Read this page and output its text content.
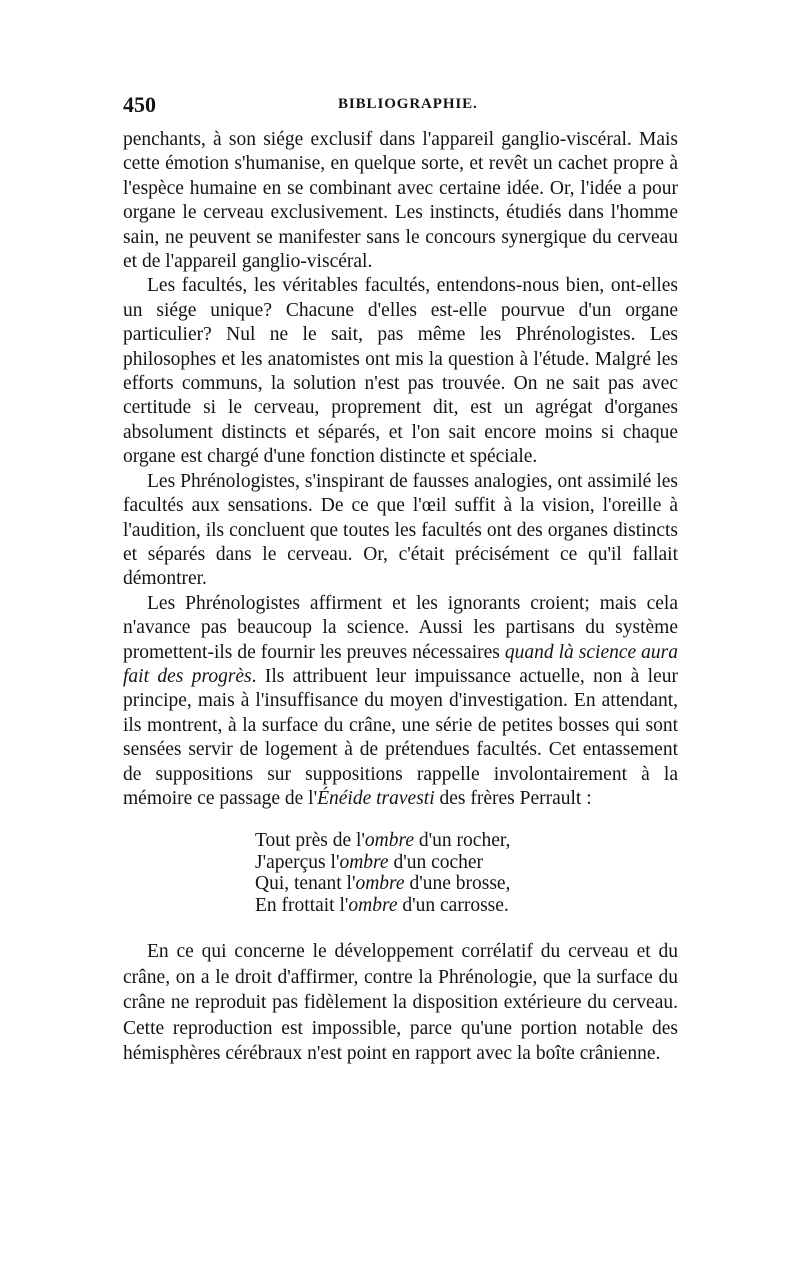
450	BIBLIOGRAPHIE.

penchants, à son siége exclusif dans l'appareil ganglio-viscéral. Mais cette émotion s'humanise, en quelque sorte, et revêt un cachet propre à l'espèce humaine en se combinant avec certaine idée. Or, l'idée a pour organe le cerveau exclusivement. Les instincts, étudiés dans l'homme sain, ne peuvent se manifester sans le concours synergique du cerveau et de l'appareil ganglio-viscéral.

Les facultés, les véritables facultés, entendons-nous bien, ont-elles un siége unique? Chacune d'elles est-elle pourvue d'un organe particulier? Nul ne le sait, pas même les Phrénologistes. Les philosophes et les anatomistes ont mis la question à l'étude. Malgré les efforts communs, la solution n'est pas trouvée. On ne sait pas avec certitude si le cerveau, proprement dit, est un agrégat d'organes absolument distincts et séparés, et l'on sait encore moins si chaque organe est chargé d'une fonction distincte et spéciale.

Les Phrénologistes, s'inspirant de fausses analogies, ont assimilé les facultés aux sensations. De ce que l'œil suffit à la vision, l'oreille à l'audition, ils concluent que toutes les facultés ont des organes distincts et séparés dans le cerveau. Or, c'était précisément ce qu'il fallait démontrer.

Les Phrénologistes affirment et les ignorants croient; mais cela n'avance pas beaucoup la science. Aussi les partisans du système promettent-ils de fournir les preuves nécessaires quand là science aura fait des progrès. Ils attribuent leur impuissance actuelle, non à leur principe, mais à l'insuffisance du moyen d'investigation. En attendant, ils montrent, à la surface du crâne, une série de petites bosses qui sont sensées servir de logement à de prétendues facultés. Cet entassement de suppositions sur suppositions rappelle involontairement à la mémoire ce passage de l'Énéide travesti des frères Perrault :

Tout près de l'ombre d'un rocher,
J'aperçus l'ombre d'un cocher
Qui, tenant l'ombre d'une brosse,
En frottait l'ombre d'un carrosse.

En ce qui concerne le développement corrélatif du cerveau et du crâne, on a le droit d'affirmer, contre la Phrénologie, que la surface du crâne ne reproduit pas fidèlement la disposition extérieure du cerveau. Cette reproduction est impossible, parce qu'une portion notable des hémisphères cérébraux n'est point en rapport avec la boîte crânienne.
